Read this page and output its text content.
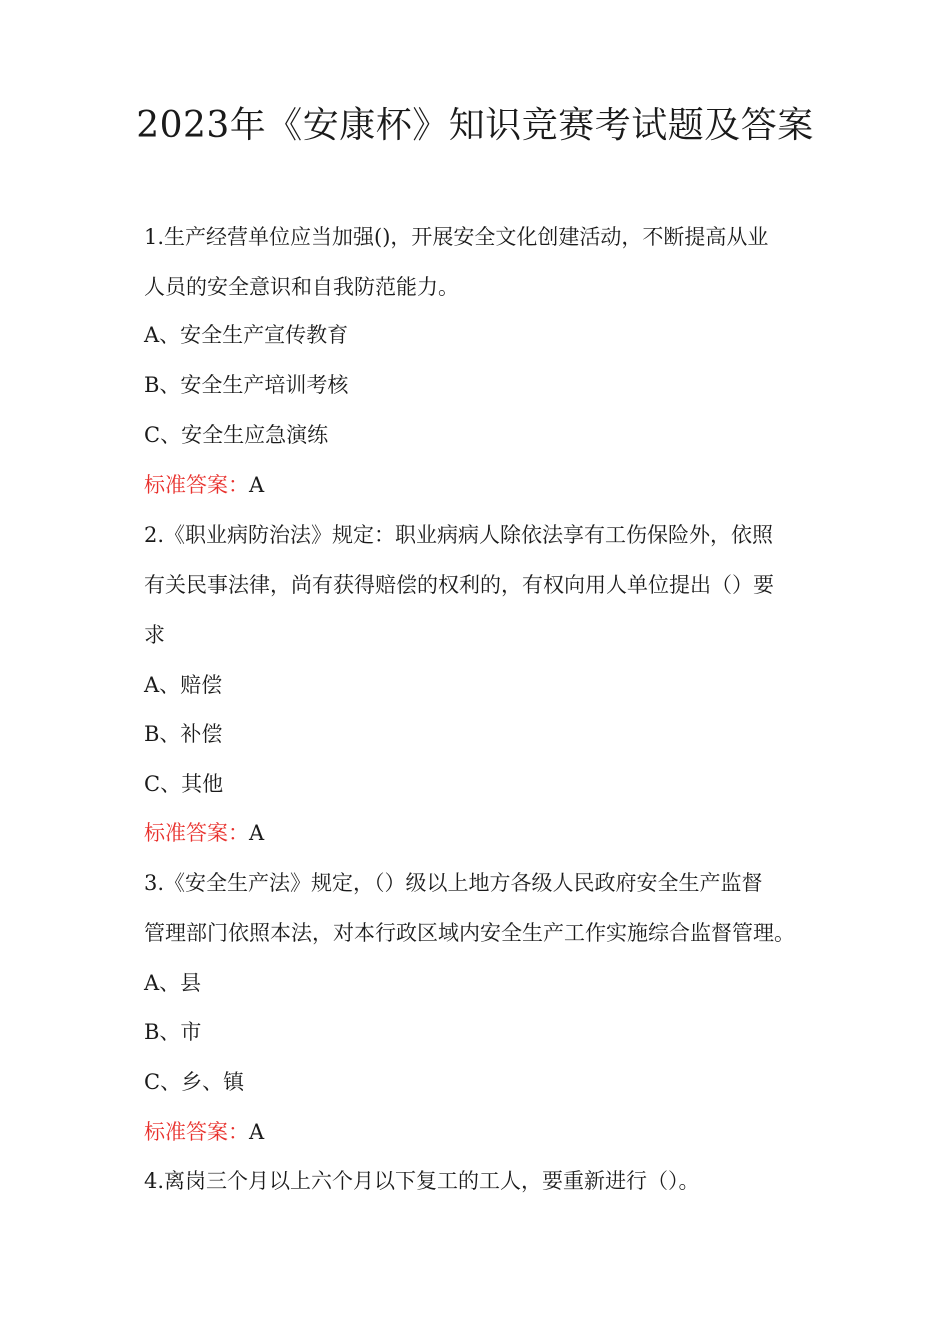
2023年《安康杯》知识竞赛考试题及答案
1.生产经营单位应当加强()，开展安全文化创建活动，不断提高从业
人员的安全意识和自我防范能力。
A、安全生产宣传教育
B、安全生产培训考核
C、安全生应急演练
标准答案：A
2.《职业病防治法》规定：职业病病人除依法享有工伤保险外，依照
有关民事法律，尚有获得赔偿的权利的，有权向用人单位提出（）要
求
A、赔偿
B、补偿
C、其他
标准答案：A
3.《安全生产法》规定，（）级以上地方各级人民政府安全生产监督
管理部门依照本法，对本行政区域内安全生产工作实施综合监督管理。
A、县
B、市
C、乡、镇
标准答案：A
4.离岗三个月以上六个月以下复工的工人，要重新进行（）。
